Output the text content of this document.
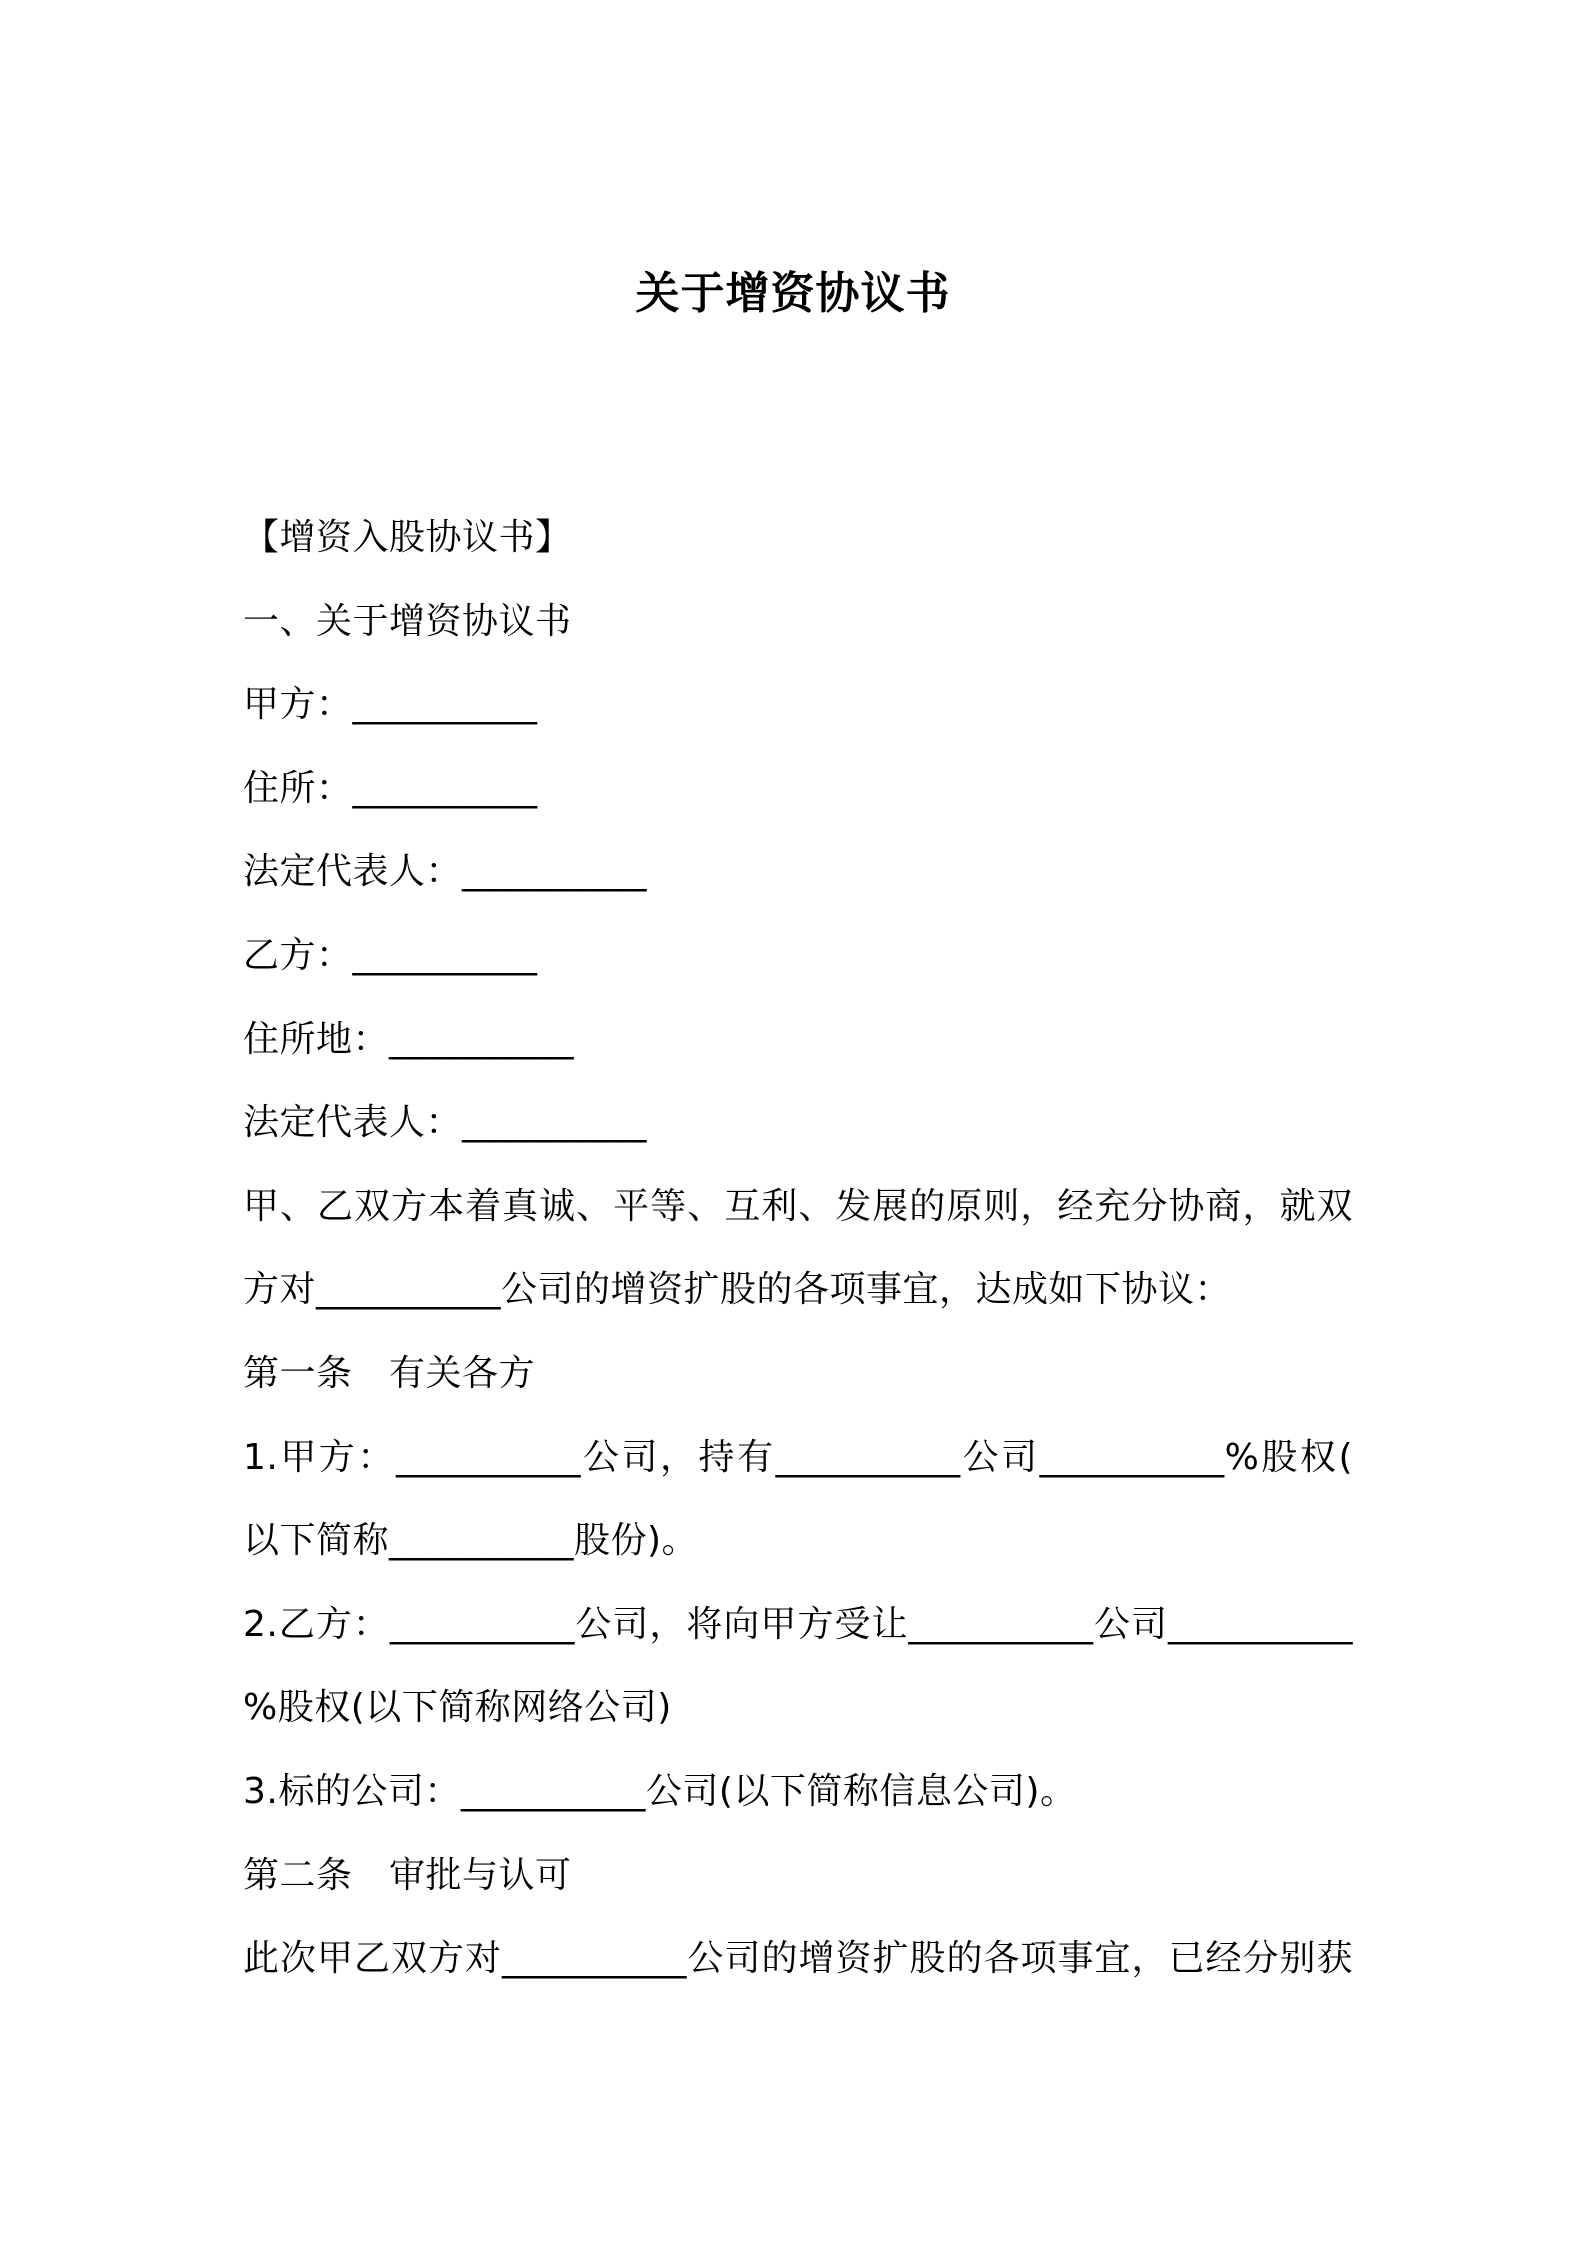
关于增资协议书
【增资入股协议书】
一、关于增资协议书
甲方：__________
住所：__________
法定代表人：__________
乙方：__________
住所地：__________
法定代表人：__________
甲、乙双方本着真诚、平等、互利、发展的原则，经充分协商，就双
方对__________公司的增资扩股的各项事宜，达成如下协议：
第一条　有关各方
1.甲方：__________公司，持有__________公司__________%股权(
以下简称__________股份)。
2.乙方：__________公司，将向甲方受让__________公司__________
%股权(以下简称网络公司)
3.标的公司：__________公司(以下简称信息公司)。
第二条　审批与认可
此次甲乙双方对__________公司的增资扩股的各项事宜，已经分别获
